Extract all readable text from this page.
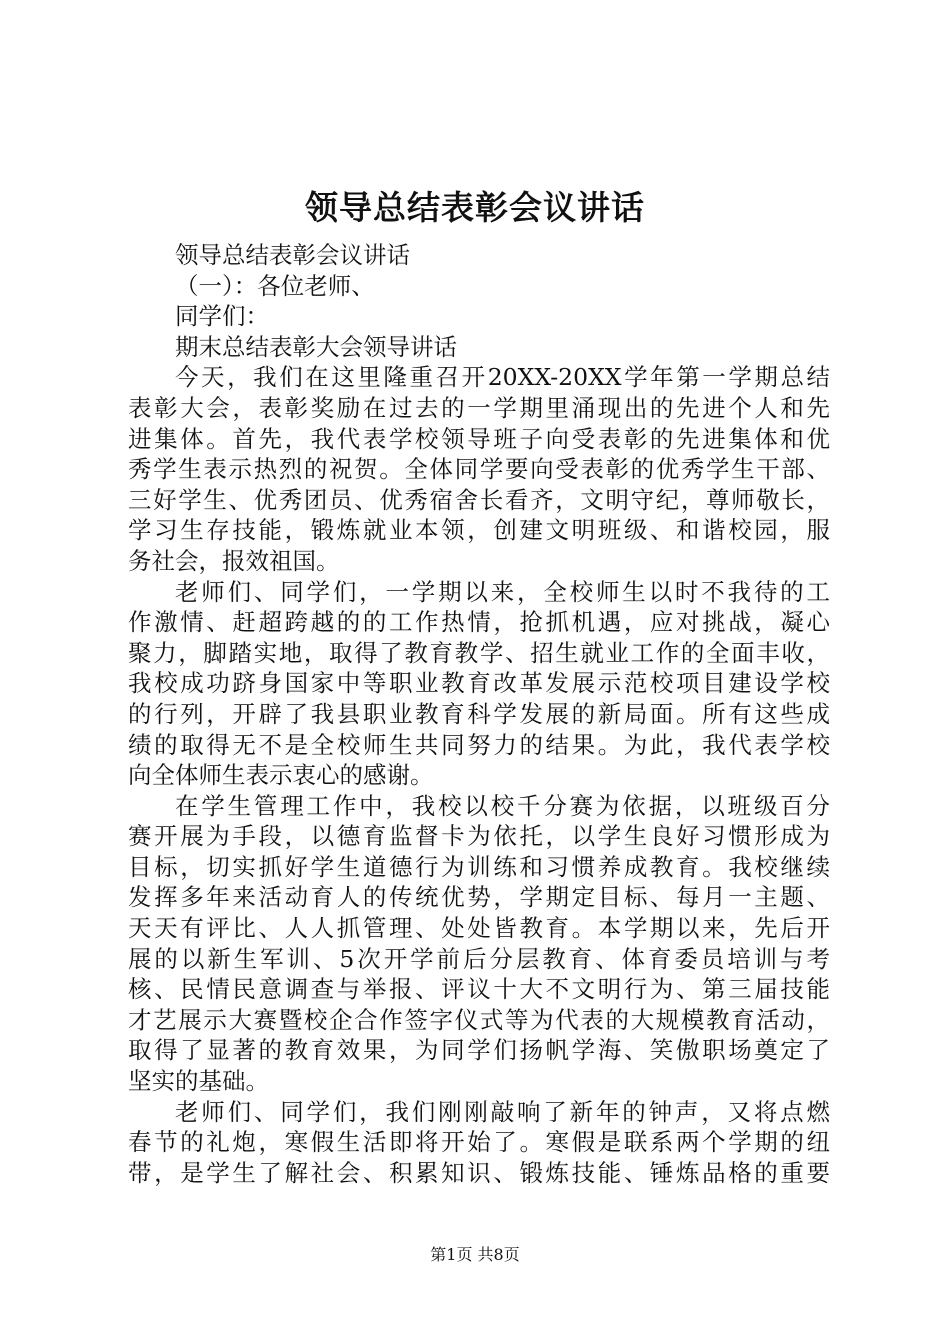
领导总结表彰会议讲话
领导总结表彰会议讲话
（一）：各位老师、
同学们：
期末总结表彰大会领导讲话
今天，我们在这里隆重召开20XX-20XX学年第一学期总结
表彰大会，表彰奖励在过去的一学期里涌现出的先进个人和先
进集体。首先，我代表学校领导班子向受表彰的先进集体和优
秀学生表示热烈的祝贺。全体同学要向受表彰的优秀学生干部、
三好学生、优秀团员、优秀宿舍长看齐，文明守纪，尊师敬长，
学习生存技能，锻炼就业本领，创建文明班级、和谐校园，服
务社会，报效祖国。
老师们、同学们，一学期以来，全校师生以时不我待的工
作激情、赶超跨越的的工作热情，抢抓机遇，应对挑战，凝心
聚力，脚踏实地，取得了教育教学、招生就业工作的全面丰收，
我校成功跻身国家中等职业教育改革发展示范校项目建设学校
的行列，开辟了我县职业教育科学发展的新局面。所有这些成
绩的取得无不是全校师生共同努力的结果。为此，我代表学校
向全体师生表示衷心的感谢。
在学生管理工作中，我校以校千分赛为依据，以班级百分
赛开展为手段，以德育监督卡为依托，以学生良好习惯形成为
目标，切实抓好学生道德行为训练和习惯养成教育。我校继续
发挥多年来活动育人的传统优势，学期定目标、每月一主题、
天天有评比、人人抓管理、处处皆教育。本学期以来，先后开
展的以新生军训、5次开学前后分层教育、体育委员培训与考
核、民情民意调查与举报、评议十大不文明行为、第三届技能
才艺展示大赛暨校企合作签字仪式等为代表的大规模教育活动，
取得了显著的教育效果，为同学们扬帆学海、笑傲职场奠定了
坚实的基础。
老师们、同学们，我们刚刚敲响了新年的钟声，又将点燃
春节的礼炮，寒假生活即将开始了。寒假是联系两个学期的纽
带，是学生了解社会、积累知识、锻炼技能、锤炼品格的重要
第1页 共8页
